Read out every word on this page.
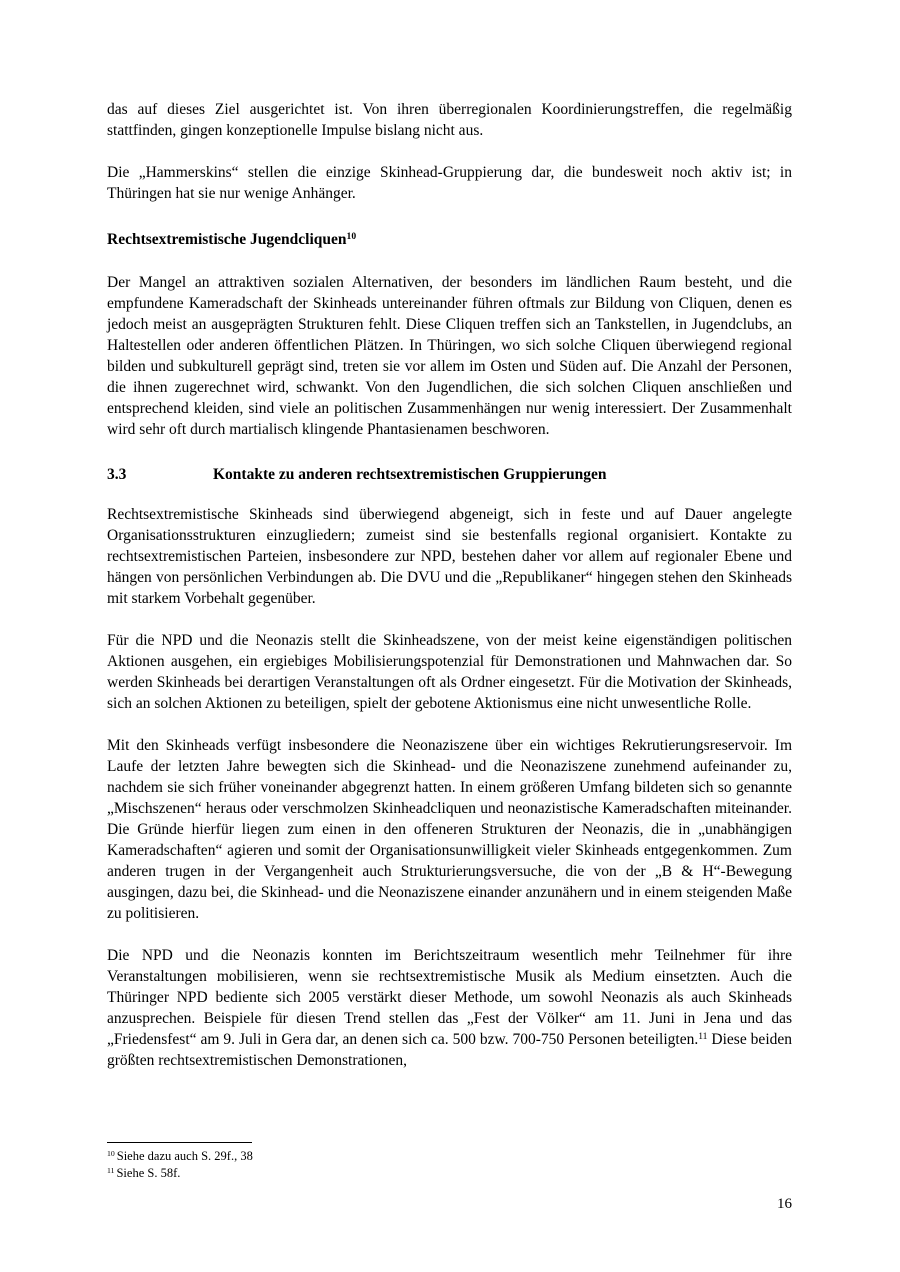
das auf dieses Ziel ausgerichtet ist. Von ihren überregionalen Koordinierungstreffen, die regelmäßig stattfinden, gingen konzeptionelle Impulse bislang nicht aus.

Die „Hammerskins“ stellen die einzige Skinhead-Gruppierung dar, die bundesweit noch aktiv ist; in Thüringen hat sie nur wenige Anhänger.

Rechtsextremistische Jugendcliquen$^{10}$

Der Mangel an attraktiven sozialen Alternativen, der besonders im ländlichen Raum besteht, und die empfundene Kameradschaft der Skinheads untereinander führen oftmals zur Bildung von Cliquen, denen es jedoch meist an ausgeprägten Strukturen fehlt. Diese Cliquen treffen sich an Tankstellen, in Jugendclubs, an Haltestellen oder anderen öffentlichen Plätzen. In Thüringen, wo sich solche Cliquen überwiegend regional bilden und subkulturell geprägt sind, treten sie vor allem im Osten und Süden auf. Die Anzahl der Personen, die ihnen zugerechnet wird, schwankt. Von den Jugendlichen, die sich solchen Cliquen anschließen und entsprechend kleiden, sind viele an politischen Zusammenhängen nur wenig interessiert. Der Zusammenhalt wird sehr oft durch martialisch klingende Phantasienamen beschworen.

3.3	Kontakte zu anderen rechtsextremistischen Gruppierungen

Rechtsextremistische Skinheads sind überwiegend abgeneigt, sich in feste und auf Dauer angelegte Organisationsstrukturen einzugliedern; zumeist sind sie bestenfalls regional organisiert. Kontakte zu rechtsextremistischen Parteien, insbesondere zur NPD, bestehen daher vor allem auf regionaler Ebene und hängen von persönlichen Verbindungen ab. Die DVU und die „Republikaner“ hingegen stehen den Skinheads mit starkem Vorbehalt gegenüber.

Für die NPD und die Neonazis stellt die Skinheadszene, von der meist keine eigenständigen politischen Aktionen ausgehen, ein ergiebiges Mobilisierungspotenzial für Demonstrationen und Mahnwachen dar. So werden Skinheads bei derartigen Veranstaltungen oft als Ordner eingesetzt. Für die Motivation der Skinheads, sich an solchen Aktionen zu beteiligen, spielt der gebotene Aktionismus eine nicht unwesentliche Rolle.

Mit den Skinheads verfügt insbesondere die Neonaziszene über ein wichtiges Rekrutierungsreservoir. Im Laufe der letzten Jahre bewegten sich die Skinhead- und die Neonaziszene zunehmend aufeinander zu, nachdem sie sich früher voneinander abgegrenzt hatten. In einem größeren Umfang bildeten sich so genannte „Mischszenen“ heraus oder verschmolzen Skinheadcliquen und neonazistische Kameradschaften miteinander. Die Gründe hierfür liegen zum einen in den offeneren Strukturen der Neonazis, die in „unabhängigen Kameradschaften“ agieren und somit der Organisationsunwilligkeit vieler Skinheads entgegenkommen. Zum anderen trugen in der Vergangenheit auch Strukturierungsversuche, die von der „B & H“-Bewegung ausgingen, dazu bei, die Skinhead- und die Neonaziszene einander anzunähern und in einem steigenden Maße zu politisieren.

Die NPD und die Neonazis konnten im Berichtszeitraum wesentlich mehr Teilnehmer für ihre Veranstaltungen mobilisieren, wenn sie rechtsextremistische Musik als Medium einsetzten. Auch die Thüringer NPD bediente sich 2005 verstärkt dieser Methode, um sowohl Neonazis als auch Skinheads anzusprechen. Beispiele für diesen Trend stellen das „Fest der Völker“ am 11. Juni in Jena und das „Friedensfest“ am 9. Juli in Gera dar, an denen sich ca. 500 bzw. 700-750 Personen beteiligten.$^{11}$ Diese beiden größten rechtsextremistischen Demonstrationen,

$^{10}$ Siehe dazu auch S. 29f., 38
$^{11}$ Siehe S. 58f.
16
